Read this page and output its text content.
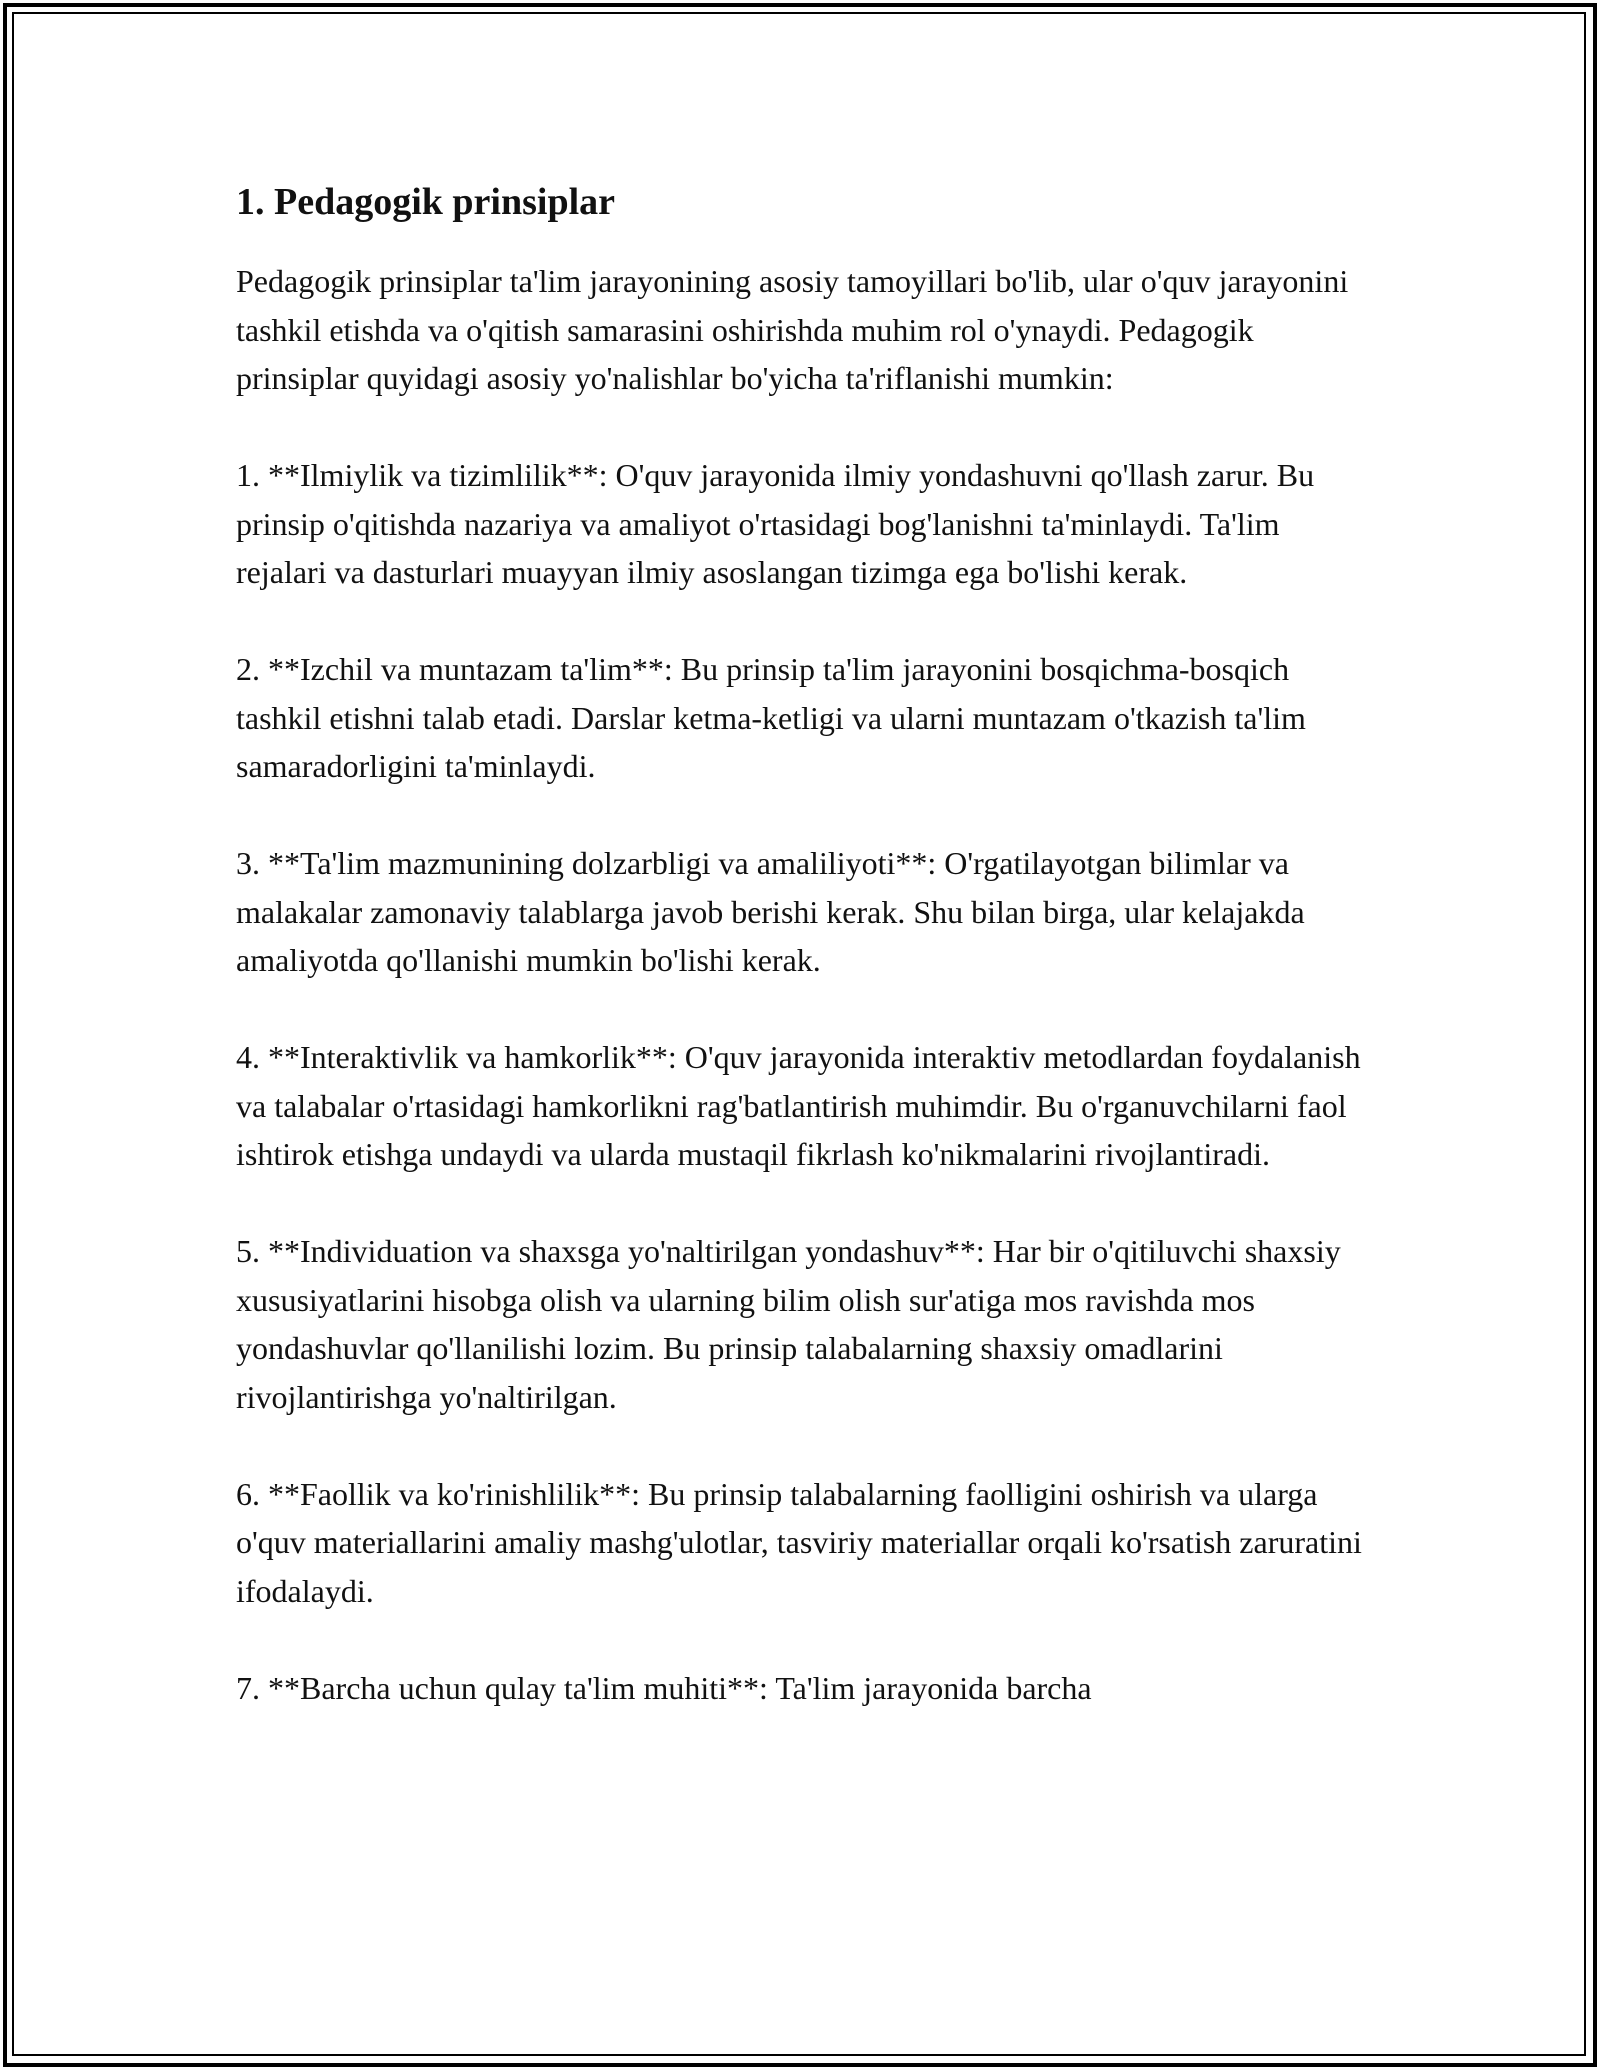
1. Pedagogik prinsiplar

Pedagogik prinsiplar ta'lim jarayonining asosiy tamoyillari bo'lib, ular o'quv jarayonini tashkil etishda va o'qitish samarasini oshirishda muhim rol o'ynaydi. Pedagogik prinsiplar quyidagi asosiy yo'nalishlar bo'yicha ta'riflanishi mumkin:

1. **Ilmiylik va tizimlilik**: O'quv jarayonida ilmiy yondashuvni qo'llash zarur. Bu prinsip o'qitishda nazariya va amaliyot o'rtasidagi bog'lanishni ta'minlaydi. Ta'lim rejalari va dasturlari muayyan ilmiy asoslangan tizimga ega bo'lishi kerak.

2. **Izchil va muntazam ta'lim**: Bu prinsip ta'lim jarayonini bosqichma-bosqich tashkil etishni talab etadi. Darslar ketma-ketligi va ularni muntazam o'tkazish ta'lim samaradorligini ta'minlaydi.

3. **Ta'lim mazmunining dolzarbligi va amaliliyoti**: O'rgatilayotgan bilimlar va malakalar zamonaviy talablarga javob berishi kerak. Shu bilan birga, ular kelajakda amaliyotda qo'llanishi mumkin bo'lishi kerak.

4. **Interaktivlik va hamkorlik**: O'quv jarayonida interaktiv metodlardan foydalanish va talabalar o'rtasidagi hamkorlikni rag'batlantirish muhimdir. Bu o'rganuvchilarni faol ishtirok etishga undaydi va ularda mustaqil fikrlash ko'nikmalarini rivojlantiradi.

5. **Individuation va shaxsga yo'naltirilgan yondashuv**: Har bir o'qitiluvchi shaxsiy xususiyatlarini hisobga olish va ularning bilim olish sur'atiga mos ravishda mos yondashuvlar qo'llanilishi lozim. Bu prinsip talabalarning shaxsiy omadlarini rivojlantirishga yo'naltirilgan.

6. **Faollik va ko'rinishlilik**: Bu prinsip talabalarning faolligini oshirish va ularga o'quv materiallarini amaliy mashg'ulotlar, tasviriy materiallar orqali ko'rsatish zaruratini ifodalaydi.

7. **Barcha uchun qulay ta'lim muhiti**: Ta'lim jarayonida barcha
